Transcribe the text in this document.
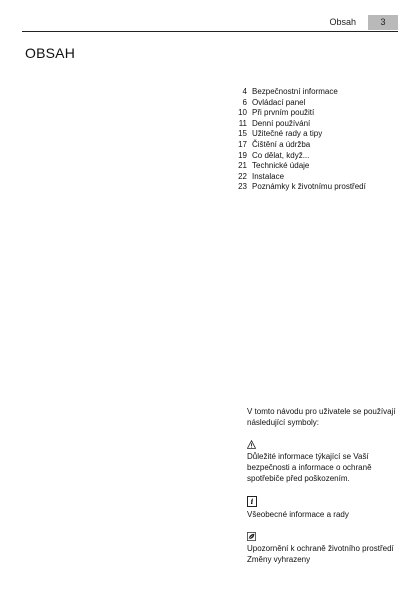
Obsah	3
OBSAH
4 Bezpečnostní informace
6 Ovládací panel
10 Při prvním použití
11 Denní používání
15 Užitečné rady a tipy
17 Čištění a údržba
19 Co dělat, když...
21 Technické údaje
22 Instalace
23 Poznámky k životnímu prostředí

V tomto návodu pro uživatele se používají následující symboly:

Důležité informace týkající se Vaší bezpečnosti a informace o ochraně spotřebiče před poškozením.

i

Všeobecné informace a rady

Upozornění k ochraně životního prostředí

Změny vyhrazeny
